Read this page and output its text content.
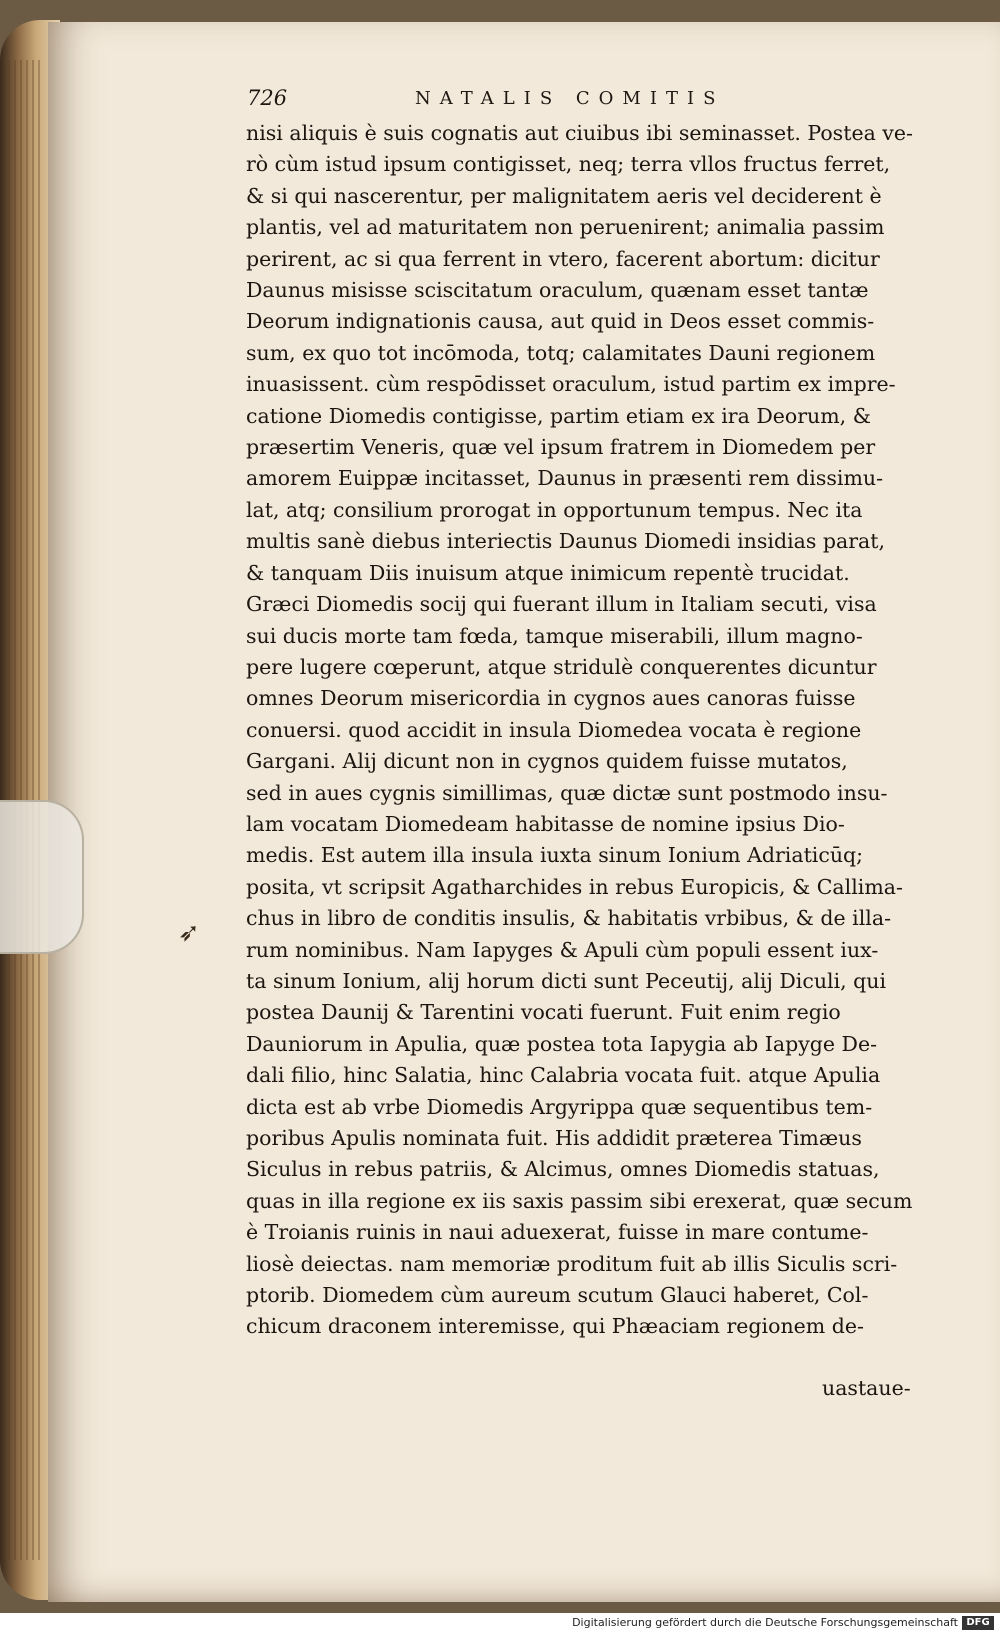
726	NATALIS COMITIS
➶
nisi aliquis è suis cognatis aut ciuibus ibi seminasset. Postea ve-
rò cùm istud ipsum contigisset, neq; terra vllos fructus ferret,
& si qui nascerentur, per malignitatem aeris vel deciderent è
plantis, vel ad maturitatem non peruenirent; animalia passim
perirent, ac si qua ferrent in vtero, facerent abortum: dicitur
Daunus misisse sciscitatum oraculum, quænam esset tantæ
Deorum indignationis causa, aut quid in Deos esset commis-
sum, ex quo tot incōmoda, totq; calamitates Dauni regionem
inuasissent. cùm respōdisset oraculum, istud partim ex impre-
catione Diomedis contigisse, partim etiam ex ira Deorum, &
præsertim Veneris, quæ vel ipsum fratrem in Diomedem per
amorem Euippæ incitasset, Daunus in præsenti rem dissimu-
lat, atq; consilium prorogat in opportunum tempus. Nec ita
multis sanè diebus interiectis Daunus Diomedi insidias parat,
& tanquam Diis inuisum atque inimicum repentè trucidat.
Græci Diomedis socij qui fuerant illum in Italiam secuti, visa
sui ducis morte tam fœda, tamque miserabili, illum magno-
pere lugere cœperunt, atque stridulè conquerentes dicuntur
omnes Deorum misericordia in cygnos aues canoras fuisse
conuersi. quod accidit in insula Diomedea vocata è regione
Gargani. Alij dicunt non in cygnos quidem fuisse mutatos,
sed in aues cygnis simillimas, quæ dictæ sunt postmodo insu-
lam vocatam Diomedeam habitasse de nomine ipsius Dio-
medis. Est autem illa insula iuxta sinum Ionium Adriaticūq;
posita, vt scripsit Agatharchides in rebus Europicis, & Callima-
chus in libro de conditis insulis, & habitatis vrbibus, & de illa-
rum nominibus. Nam Iapyges & Apuli cùm populi essent iux-
ta sinum Ionium, alij horum dicti sunt Peceutij, alij Diculi, qui
postea Daunij & Tarentini vocati fuerunt. Fuit enim regio
Dauniorum in Apulia, quæ postea tota Iapygia ab Iapyge De-
dali filio, hinc Salatia, hinc Calabria vocata fuit. atque Apulia
dicta est ab vrbe Diomedis Argyrippa quæ sequentibus tem-
poribus Apulis nominata fuit. His addidit præterea Timæus
Siculus in rebus patriis, & Alcimus, omnes Diomedis statuas,
quas in illa regione ex iis saxis passim sibi erexerat, quæ secum
è Troianis ruinis in naui aduexerat, fuisse in mare contume-
liosè deiectas. nam memoriæ proditum fuit ab illis Siculis scri-
ptorib. Diomedem cùm aureum scutum Glauci haberet, Col-
chicum draconem interemisse, qui Phæaciam regionem de-
uastaue-
Digitalisierung gefördert durch die Deutsche Forschungsgemeinschaft DFG
